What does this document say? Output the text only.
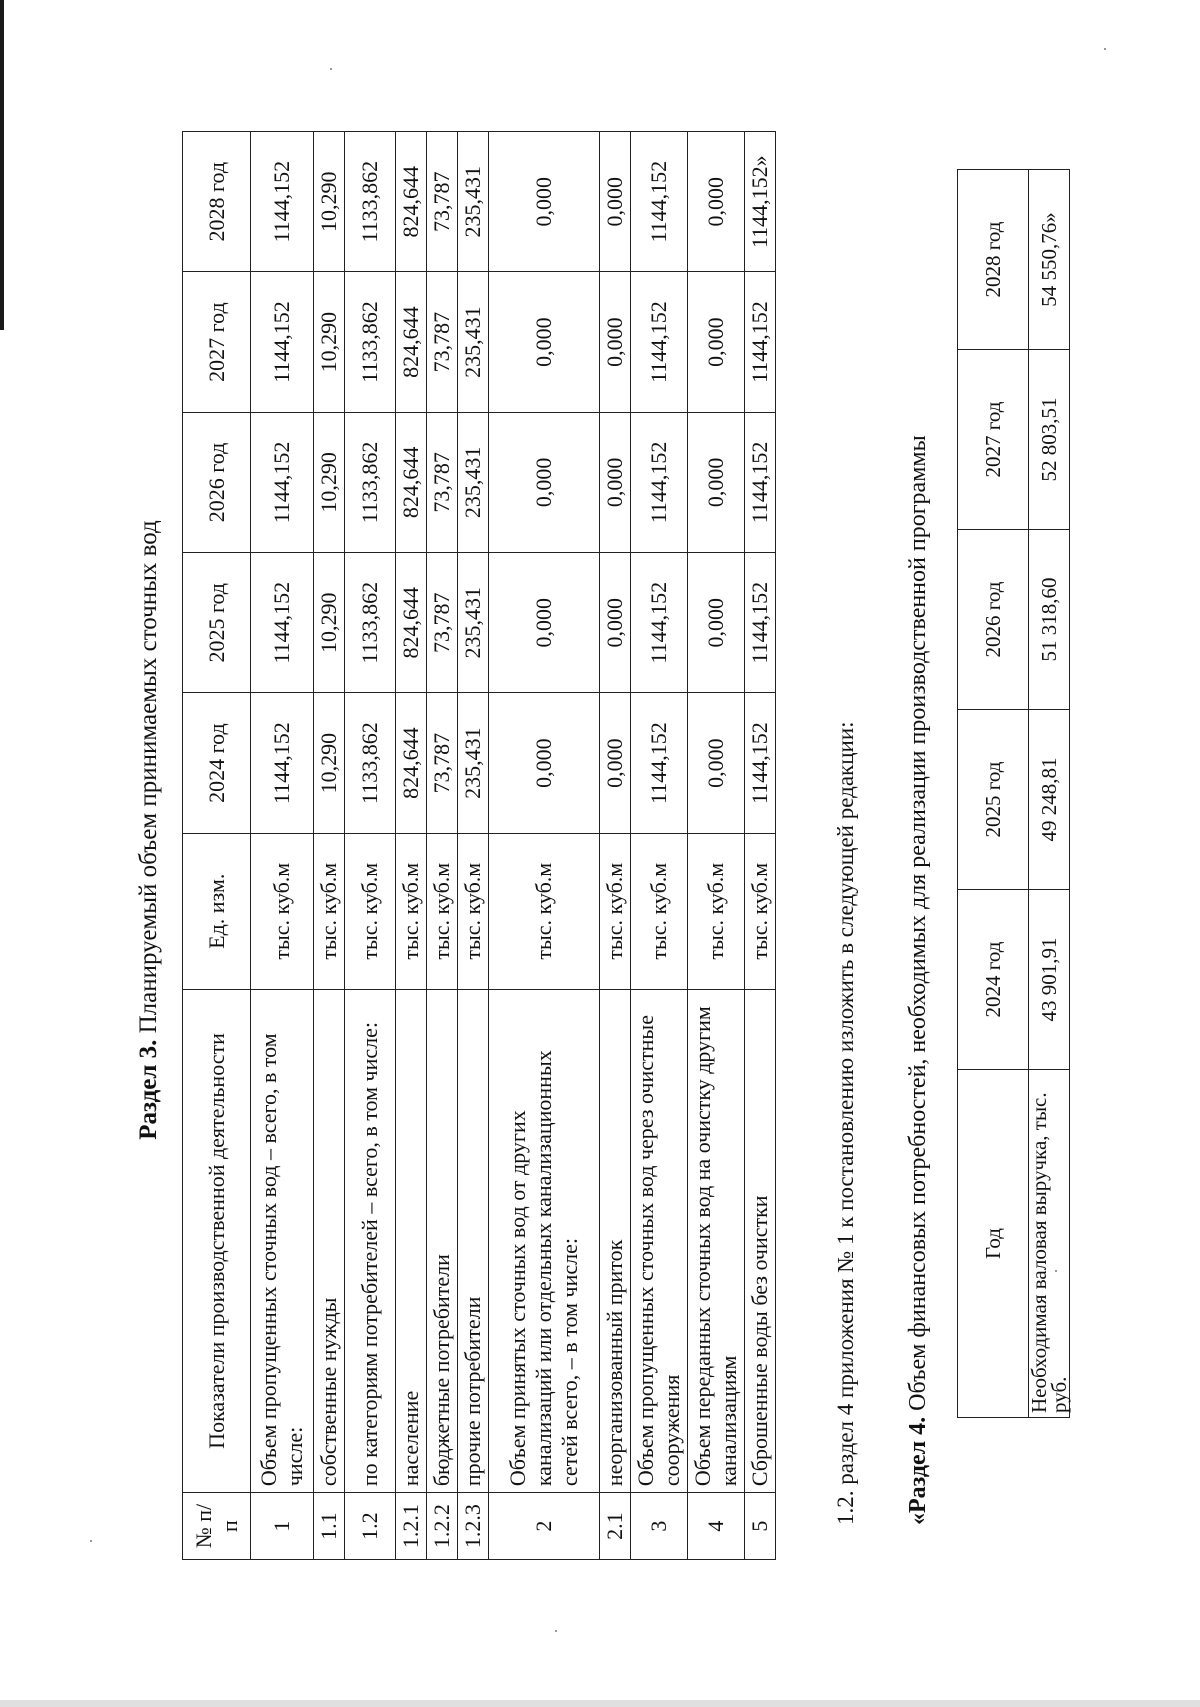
Раздел 3. Планируемый объем принимаемых сточных вод
№ п/п	Показатели производственной деятельности	Ед. изм.	2024 год	2025 год	2026 год	2027 год	2028 год
1	Объем пропущенных сточных вод – всего, в том числе:	тыс. куб.м	1144,152	1144,152	1144,152	1144,152	1144,152
1.1	собственные нужды	тыс. куб.м	10,290	10,290	10,290	10,290	10,290
1.2	по категориям потребителей – всего, в том числе:	тыс. куб.м	1133,862	1133,862	1133,862	1133,862	1133,862
1.2.1	население	тыс. куб.м	824,644	824,644	824,644	824,644	824,644
1.2.2	бюджетные потребители	тыс. куб.м	73,787	73,787	73,787	73,787	73,787
1.2.3	прочие потребители	тыс. куб.м	235,431	235,431	235,431	235,431	235,431
2	Объем принятых сточных вод от других канализаций или отдельных канализационных сетей всего, – в том числе:	тыс. куб.м	0,000	0,000	0,000	0,000	0,000
2.1	неорганизованный приток	тыс. куб.м	0,000	0,000	0,000	0,000	0,000
3	Объем пропущенных сточных вод через очистные сооружения	тыс. куб.м	1144,152	1144,152	1144,152	1144,152	1144,152
4	Объем переданных сточных вод на очистку другим канализациям	тыс. куб.м	0,000	0,000	0,000	0,000	0,000
5	Сброшенные воды без очистки	тыс. куб.м	1144,152	1144,152	1144,152	1144,152	1144,152»
1.2. раздел 4 приложения № 1 к постановлению изложить в следующей редакции: «Раздел 4. Объем финансовых потребностей, необходимых для реализации производственной программы Год	2024 год	2025 год	2026 год	2027 год	2028 год
Необходимая валовая выручка, тыс. руб.	43 901,91	49 248,81	51 318,60	52 803,51	54 550,76»
